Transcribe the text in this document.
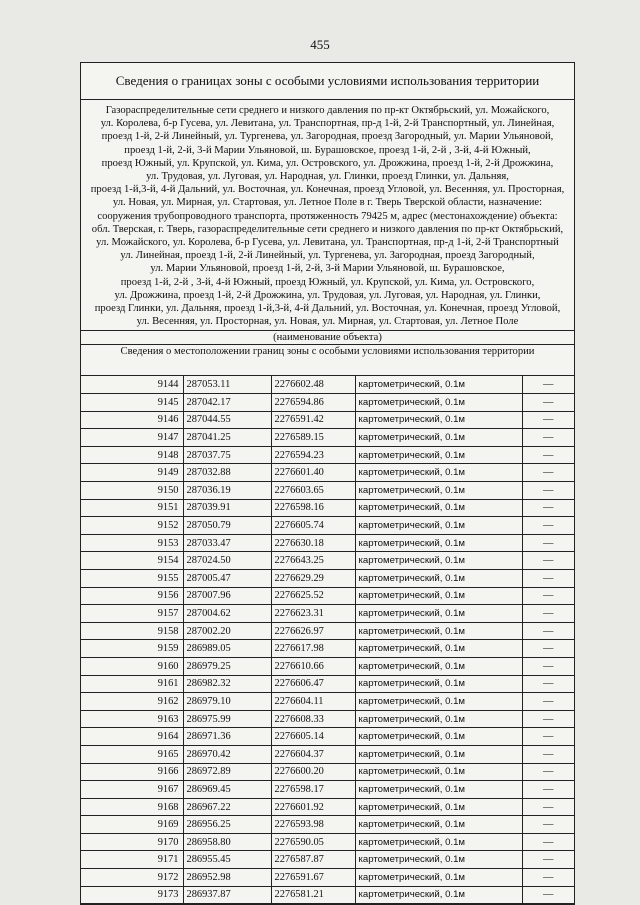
455
Сведения о границах зоны с особыми условиями использования территории
Газораспределительные сети среднего и низкого давления по пр-кт Октябрьский, ул. Можайского,
ул. Королева, б-р Гусева, ул. Левитана, ул. Транспортная, пр-д 1-й, 2-й Транспортный, ул. Линейная,
проезд 1-й, 2-й Линейный, ул. Тургенева, ул. Загородная, проезд Загородный, ул. Марии Ульяновой,
проезд 1-й, 2-й, 3-й Марии Ульяновой, ш. Бурашовское, проезд 1-й, 2-й , 3-й, 4-й Южный,
проезд Южный, ул. Крупской, ул. Кима, ул. Островского, ул. Дрожжина, проезд 1-й, 2-й Дрожжина,
ул. Трудовая, ул. Луговая, ул. Народная, ул. Глинки, проезд Глинки, ул. Дальняя,
проезд 1-й,3-й, 4-й Дальний, ул. Восточная, ул. Конечная, проезд Угловой, ул. Весенняя, ул. Просторная,
ул. Новая, ул. Мирная, ул. Стартовая, ул. Летное Поле в г. Тверь Тверской области, назначение:
сооружения трубопроводного транспорта, протяженность 79425 м, адрес (местонахождение) объекта:
обл. Тверская, г. Тверь, газораспределительные сети среднего и низкого давления по пр-кт Октябрьский,
ул. Можайского, ул. Королева, б-р Гусева, ул. Левитана, ул. Транспортная, пр-д 1-й, 2-й Транспортный
ул. Линейная, проезд 1-й, 2-й Линейный, ул. Тургенева, ул. Загородная, проезд Загородный,
ул. Марии Ульяновой, проезд 1-й, 2-й, 3-й Марии Ульяновой, ш. Бурашовское,
проезд 1-й, 2-й , 3-й, 4-й Южный, проезд Южный, ул. Крупской, ул. Кима, ул. Островского,
ул. Дрожжина, проезд 1-й, 2-й Дрожжина, ул. Трудовая, ул. Луговая, ул. Народная, ул. Глинки,
проезд Глинки, ул. Дальняя, проезд 1-й,3-й, 4-й Дальний, ул. Восточная, ул. Конечная, проезд Угловой,
ул. Весенняя, ул. Просторная, ул. Новая, ул. Мирная, ул. Стартовая, ул. Летное Поле
(наименование объекта)
Сведения о местоположении границ зоны с особыми условиями использования территории
9144	287053.11	2276602.48	картометрический, 0.1м	—
9145	287042.17	2276594.86	картометрический, 0.1м	—
9146	287044.55	2276591.42	картометрический, 0.1м	—
9147	287041.25	2276589.15	картометрический, 0.1м	—
9148	287037.75	2276594.23	картометрический, 0.1м	—
9149	287032.88	2276601.40	картометрический, 0.1м	—
9150	287036.19	2276603.65	картометрический, 0.1м	—
9151	287039.91	2276598.16	картометрический, 0.1м	—
9152	287050.79	2276605.74	картометрический, 0.1м	—
9153	287033.47	2276630.18	картометрический, 0.1м	—
9154	287024.50	2276643.25	картометрический, 0.1м	—
9155	287005.47	2276629.29	картометрический, 0.1м	—
9156	287007.96	2276625.52	картометрический, 0.1м	—
9157	287004.62	2276623.31	картометрический, 0.1м	—
9158	287002.20	2276626.97	картометрический, 0.1м	—
9159	286989.05	2276617.98	картометрический, 0.1м	—
9160	286979.25	2276610.66	картометрический, 0.1м	—
9161	286982.32	2276606.47	картометрический, 0.1м	—
9162	286979.10	2276604.11	картометрический, 0.1м	—
9163	286975.99	2276608.33	картометрический, 0.1м	—
9164	286971.36	2276605.14	картометрический, 0.1м	—
9165	286970.42	2276604.37	картометрический, 0.1м	—
9166	286972.89	2276600.20	картометрический, 0.1м	—
9167	286969.45	2276598.17	картометрический, 0.1м	—
9168	286967.22	2276601.92	картометрический, 0.1м	—
9169	286956.25	2276593.98	картометрический, 0.1м	—
9170	286958.80	2276590.05	картометрический, 0.1м	—
9171	286955.45	2276587.87	картометрический, 0.1м	—
9172	286952.98	2276591.67	картометрический, 0.1м	—
9173	286937.87	2276581.21	картометрический, 0.1м	—
